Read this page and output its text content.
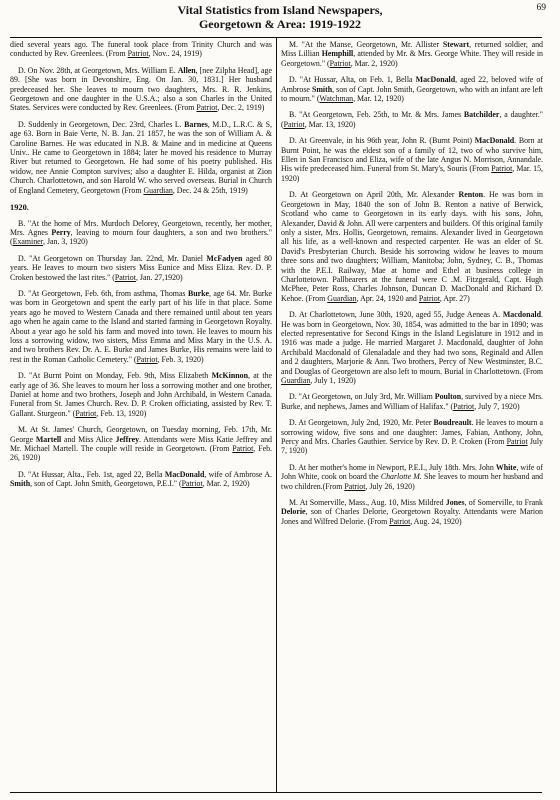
Vital Statistics from Island Newspapers,
Georgetown & Area: 1919-1922
69

died several years ago. The funeral took place from Trinity Church and was conducted by Rev. Greenlees. (From Patriot, Nov.. 24, 1919)

D. On Nov. 28th, at Georgetown, Mrs. William E. Allen, [nee Zilpha Head], age 89. [She was born in Devonshire, Eng. On Jan. 30, 1831.] Her husband predeceased her. She leaves to mourn two daughters, Mrs. R. R. Jenkins, Georgetown and one daughter in the U.S.A.; also a son Charles in the United States. Services were conducted by Rev. Greenlees. (From Patriot, Dec. 2, 1919)

D. Suddenly in Georgetown, Dec. 23rd, Charles L. Barnes, M.D., L.R.C. & S, age 63. Born in Baie Verte, N. B. Jan. 21 1857, he was the son of William A. & Caroline Barnes. He was educated in N.B. & Maine and in medicine at Queens Univ.. He came to Georgetown in 1884; later he moved his residence to Murray River but returned to Georgetown. He had some of his poetry published. His widow, nee Annie Compton survives; also a daughter E. Hilda, organist at Zion Church. Charlottetown, and son Harold W. who served overseas. Burial in Church of England Cemetery, Georgetown (From Guardian, Dec. 24 & 25th, 1919)

1920.

B. "At the home of Mrs. Murdoch Delorey, Georgetown, recently, her mother, Mrs. Agnes Perry, leaving to mourn four daughters, a son and two brothers." (Examiner, Jan. 3, 1920)

D. "At Georgetown on Thursday Jan. 22nd, Mr. Daniel McFadyen aged 80 years. He leaves to mourn two sisters Miss Eunice and Miss Eliza. Rev. D. P. Croken bestowed the last rites." (Patriot, Jan. 27,1920)

D. "At Georgetown, Feb. 6th, from asthma, Thomas Burke, age 64. Mr. Burke was born in Georgetown and spent the early part of his life in that place. Some years ago he moved to Western Canada and there remained until about ten years ago when he again came to the Island and started farming in Georgetown Royalty. About a year ago he sold his farm and moved into town. He leaves to mourn his loss a sorrowing widow, two sisters, Miss Emma and Miss Mary in the U.S. A. and two brothers Rev. Dr. A. E. Burke and James Burke, His remains were laid to rest in the Roman Catholic Cemetery." (Patriot, Feb. 3, 1920)

D. "At Burnt Point on Monday, Feb. 9th, Miss Elizabeth McKinnon, at the early age of 36. She leaves to mourn her loss a sorrowing mother and one brother, Daniel at home and two brothers, Joseph and John Archibald, in Western Canada. Funeral from St. James Church. Rev. D. P. Croken officiating, assisted by Rev. T. Gallant. Sturgeon." (Patriot, Feb. 13, 1920)

M. At St. James' Church, Georgetown, on Tuesday morning, Feb. 17th, Mr. George Martell and Miss Alice Jeffrey. Attendants were Miss Katie Jeffrey and Mr. Michael Martell. The couple will reside in Georgetown. (From Patriot, Feb. 26, 1920)

D. "At Hussar, Alta., Feb. 1st, aged 22, Bella MacDonald, wife of Ambrose A. Smith, son of Capt. John Smith, Georgetown, P.E.I." (Patriot, Mar. 2, 1920)

M. "At the Manse, Georgetown, Mr. Allister Stewart, returned soldier, and Miss Lillian Hemphill, attended by Mr. & Mrs. George White. They will reside in Georgetown." (Patriot, Mar. 2, 1920)

D. "At Hussar, Alta, on Feb. 1, Bella MacDonald, aged 22, beloved wife of Ambrose Smith, son of Capt. John Smith, Georgetown, who with an infant are left to mourn." (Watchman, Mar. 12, 1920)

B. "At Georgetown, Feb. 25th, to Mr. & Mrs. James Batchilder, a daughter." (Patriot, Mar. 13, 1920)

D. At Greenvale, in his 96th year, John R. (Burnt Point) MacDonald. Born at Burnt Point, he was the eldest son of a family of 12, two of who survive him, Ellen in San Francisco and Eliza, wife of the late Angus N. Morrison, Annandale. His wife predeceased him. Funeral from St. Mary's, Souris (From Patriot, Mar. 15, 1920)

D. At Georgetown on April 20th, Mr. Alexander Renton. He was born in Georgetown in May, 1840 the son of John B. Renton a native of Berwick, Scotland who came to Georgetown in its early days. with his sons, John, Alexander, David & John. All were carpenters and builders. Of this original family only a sister, Mrs. Hollis, Georgetown, remains. Alexander lived in Georgetown all his life, as a well-known and respected carpenter. He was an elder of St. David's Presbyterian Church. Beside his sorrowing widow he leaves to mourn three sons and two daughters; William, Manitoba; John, Sydney, C. B., Thomas with the P.E.I. Railway, Mae at home and Ethel at business college in Charlottetown. Pallbearers at the funeral were C .M. Fitzgerald, Capt. Hugh McPhee, Peter Ross, Charles Johnson, Duncan D. MacDonald and Richard D. Kehoe. (From Guardian, Apr. 24, 1920 and Patriot, Apr. 27)

D. At Charlottetown, June 30th, 1920, aged 55, Judge Aeneas A. Macdonald. He was born in Georgetown, Nov. 30, 1854, was admitted to the bar in 1890; was elected representative for Second Kings in the Island Legislature in 1912 and in 1916 was made a judge. He married Margaret J. Macdonald, daughter of John Archibald Macdonald of Glenaladale and they had two sons, Reginald and Allen and 2 daughters, Marjorie & Ann. Two brothers, Percy of New Westminster, B.C. and Douglas of Georgetown are also left to mourn. Burial in Charlottetown. (From Guardian, July 1, 1920)

D. "At Georgetown, on July 3rd, Mr. William Poulton, survived by a niece Mrs. Burke, and nephews, James and William of Halifax." (Patriot, July 7, 1920)

D. At Georgetown, July 2nd, 1920, Mr. Peter Boudreault. He leaves to mourn a sorrowing widow, five sons and one daughter: James, Fabian, Anthony, John, Percy and Mrs. Charles Gauthier. Service by Rev. D. P. Croken (From Patriot July 7, 1920)

D. At her mother's home in Newport, P.E.I., July 18th. Mrs. John White, wife of John White, cook on board the Charlotte M. She leaves to mourn her husband and two children.(From Patriot, July 26, 1920)

M. At Somerville, Mass., Aug. 10, Miss Mildred Jones, of Somerville, to Frank Delorie, son of Charles Delorie, Georgetown Royalty. Attendants were Marion Jones and Wilfred Delorie. (From Patriot, Aug. 24, 1920)
